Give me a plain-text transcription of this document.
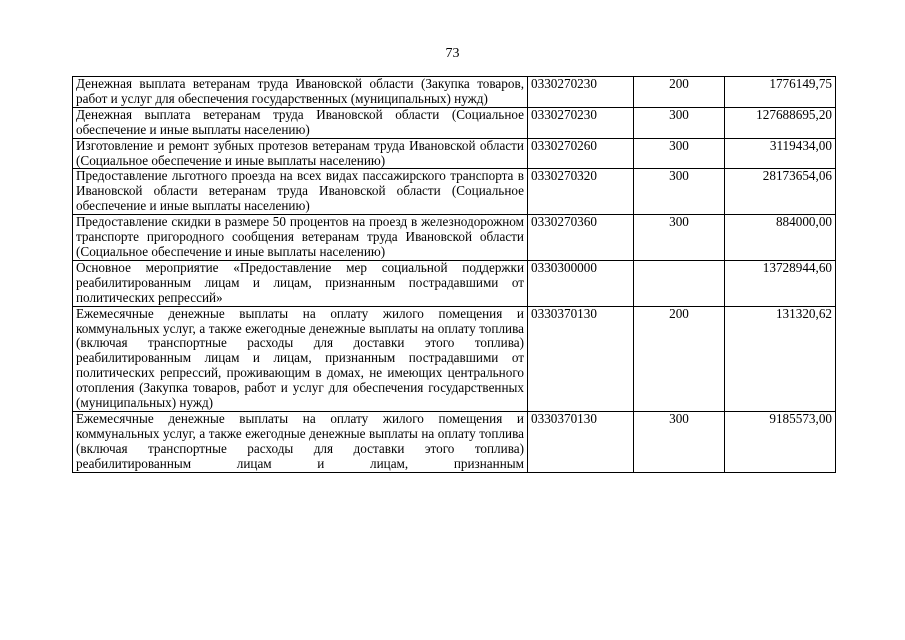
73
Денежная выплата ветеранам труда Ивановской области (Закупка товаров, работ и услуг для обеспечения государственных (муниципальных) нужд)	0330270230	200	1776149,75
Денежная выплата ветеранам труда Ивановской области (Социальное обеспечение и иные выплаты населению)	0330270230	300	127688695,20
Изготовление и ремонт зубных протезов ветеранам труда Ивановской области (Социальное обеспечение и иные выплаты населению)	0330270260	300	3119434,00
Предоставление льготного проезда на всех видах пассажирского транспорта в Ивановской области ветеранам труда Ивановской области (Социальное обеспечение и иные выплаты населению)	0330270320	300	28173654,06
Предоставление скидки в размере 50 процентов на проезд в железнодорожном транспорте пригородного сообщения ветеранам труда Ивановской области (Социальное обеспечение и иные выплаты населению)	0330270360	300	884000,00
Основное мероприятие «Предоставление мер социальной поддержки реабилитированным лицам и лицам, признанным пострадавшими от политических репрессий»	0330300000		13728944,60
Ежемесячные денежные выплаты на оплату жилого помещения и коммунальных услуг, а также ежегодные денежные выплаты на оплату топлива (включая транспортные расходы для доставки этого топлива) реабилитированным лицам и лицам, признанным пострадавшими от политических репрессий, проживающим в домах, не имеющих центрального отопления (Закупка товаров, работ и услуг для обеспечения государственных (муниципальных) нужд)	0330370130	200	131320,62
Ежемесячные денежные выплаты на оплату жилого помещения и коммунальных услуг, а также ежегодные денежные выплаты на оплату топлива (включая транспортные расходы для доставки этого топлива) реабилитированным лицам и лицам, признанным	0330370130	300	9185573,00
